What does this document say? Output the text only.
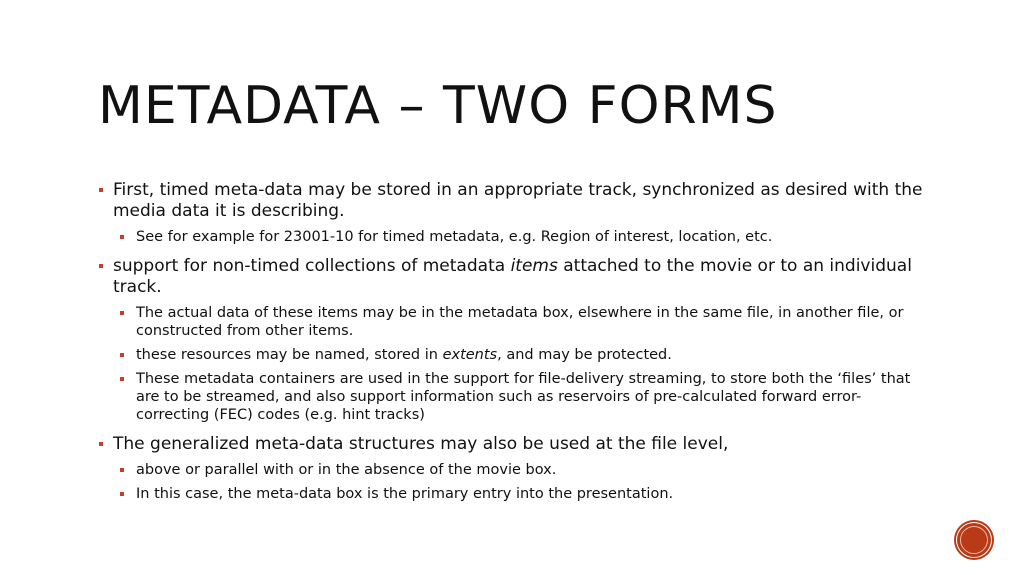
METADATA – TWO FORMS

First, timed meta-data may be stored in an appropriate track, synchronized as desired with the media data it is describing.

See for example for 23001-10 for timed metadata, e.g. Region of interest, location, etc.

support for non-timed collections of metadata items attached to the movie or to an individual track.

The actual data of these items may be in the metadata box, elsewhere in the same file, in another file, or constructed from other items.

these resources may be named, stored in extents, and may be protected.

These metadata containers are used in the support for file-delivery streaming, to store both the ‘files’ that are to be streamed, and also support information such as reservoirs of pre-calculated forward error-correcting (FEC) codes (e.g. hint tracks)

The generalized meta-data structures may also be used at the file level,

above or parallel with or in the absence of the movie box.

In this case, the meta-data box is the primary entry into the presentation.
